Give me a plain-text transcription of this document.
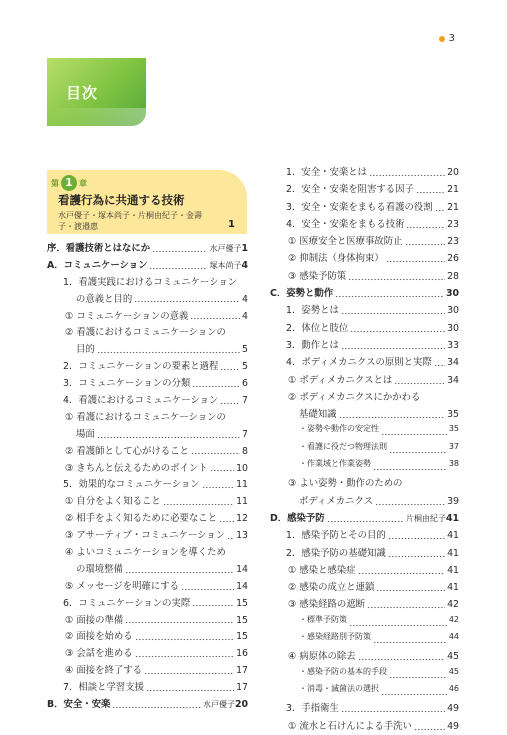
3
目次
第 1 章
看護行為に共通する技術
水戸優子・塚本尚子・片桐由紀子・金壽子・渡邉惠	1
序．看護技術とはなにか	水戸優子 1
A．コミュニケーション	塚本尚子 4
1．看護実践におけるコミュニケーション
の意義と目的	4
① コミュニケーションの意義	4
② 看護におけるコミュニケーションの
目的	5
2．コミュニケーションの要素と過程	5
3．コミュニケーションの分類	6
4．看護におけるコミュニケーション	7
① 看護におけるコミュニケーションの
場面	7
② 看護師として心がけること	8
③ きちんと伝えるためのポイント	10
5．効果的なコミュニケーション	11
① 自分をよく知ること	11
② 相手をよく知るために必要なこと 12
③ アサーティブ・コミュニケーション 13
④ よいコミュニケーションを導くため
の環境整備	14
⑤ メッセージを明確にする	14
6．コミュニケーションの実際	15
① 面接の準備	15
② 面接を始める	15
③ 会話を進める	16
④ 面接を終了する	17
7．相談と学習支援	17
B．安全・安楽	水戸優子 20
1．安全・安楽とは	20
2．安全・安楽を阻害する因子	21
3．安全・安楽をまもる看護の役割 21
4．安全・安楽をまもる技術	23
① 医療安全と医療事故防止	23
② 抑制法（身体拘束）	26
③ 感染予防策	28
C．姿勢と動作	30
1．姿勢とは	30
2．体位と肢位	30
3．動作とは	33
4．ボディメカニクスの原則と実際 34
① ボディメカニクスとは	34
② ボディメカニクスにかかわる
基礎知識	35
・姿勢や動作の安定性	35
・看護に役だつ物理法則	37
・作業域と作業姿勢	38
③ よい姿勢・動作のための
ボディメカニクス	39
D．感染予防	片桐由紀子 41
1．感染予防とその目的	41
2．感染予防の基礎知識	41
① 感染と感染症	41
② 感染の成立と連鎖	41
③ 感染経路の遮断	42
・標準予防策	42
・感染経路別予防策	44
④ 病原体の除去	45
・感染予防の基本的手段	45
・消毒・滅菌法の選択	46
3．手指衛生	49
① 流水と石けんによる手洗い	49
